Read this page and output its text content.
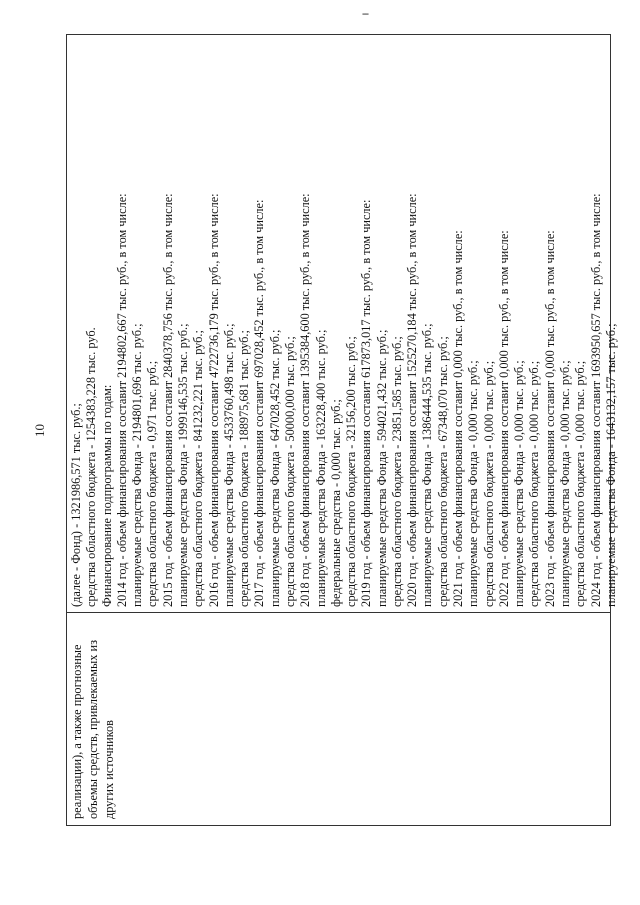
--
10
реализации), а также прогнозные объемы средств, привлекаемых из других источников
(далее - Фонд) - 1321986,571 тыс. руб.; средства областного бюджета - 1254383,228 тыс. руб. Финансирование подпрограммы по годам: 2014 год - объем финансирования составит 2194802,667 тыс. руб., в том числе: планируемые средства Фонда - 2194801,696 тыс. руб.; средства областного бюджета - 0,971 тыс. руб.; 2015 год - объем финансирования составит 2840378,756 тыс. руб., в том числе: планируемые средства Фонда - 1999146,535 тыс. руб.; средства областного бюджета - 841232,221 тыс. руб.; 2016 год - объем финансирования составит 4722736,179 тыс. руб., в том числе: планируемые средства Фонда - 4533760,498 тыс. руб.; средства областного бюджета - 188975,681 тыс. руб.; 2017 год - объем финансирования составит 697028,452 тыс. руб., в том числе: планируемые средства Фонда - 647028,452 тыс. руб.; средства областного бюджета - 50000,000 тыс. руб.; 2018 год - объем финансирования составит 1395384,600 тыс. руб., в том числе: планируемые средства Фонда - 163228,400 тыс. руб.; федеральные средства - 0,000 тыс. руб.; средства областного бюджета - 32156,200 тыс. руб.; 2019 год - объем финансирования составит 617873,017 тыс. руб., в том числе: планируемые средства Фонда - 594021,432 тыс. руб.; средства областного бюджета - 23851,585 тыс. руб.; 2020 год - объем финансирования составит 1525270,184 тыс. руб., в том числе: планируемые средства Фонда - 1386444,535 тыс. руб.; средства областного бюджета - 67348,070 тыс. руб.; 2021 год - объем финансирования составит 0,000 тыс. руб., в том числе: планируемые средства Фонда - 0,000 тыс. руб.; средства областного бюджета - 0,000 тыс. руб.; 2022 год - объем финансирования составит 0,000 тыс. руб., в том числе: планируемые средства Фонда - 0,000 тыс. руб.; средства областного бюджета - 0,000 тыс. руб.; 2023 год - объем финансирования составит 0,000 тыс. руб., в том числе: планируемые средства Фонда - 0,000 тыс. руб.; средства областного бюджета - 0,000 тыс. руб.; 2024 год - объем финансирования составит 1693950,657 тыс. руб., в том числе: планируемые средства Фонда - 1643132,157 тыс. руб.;
